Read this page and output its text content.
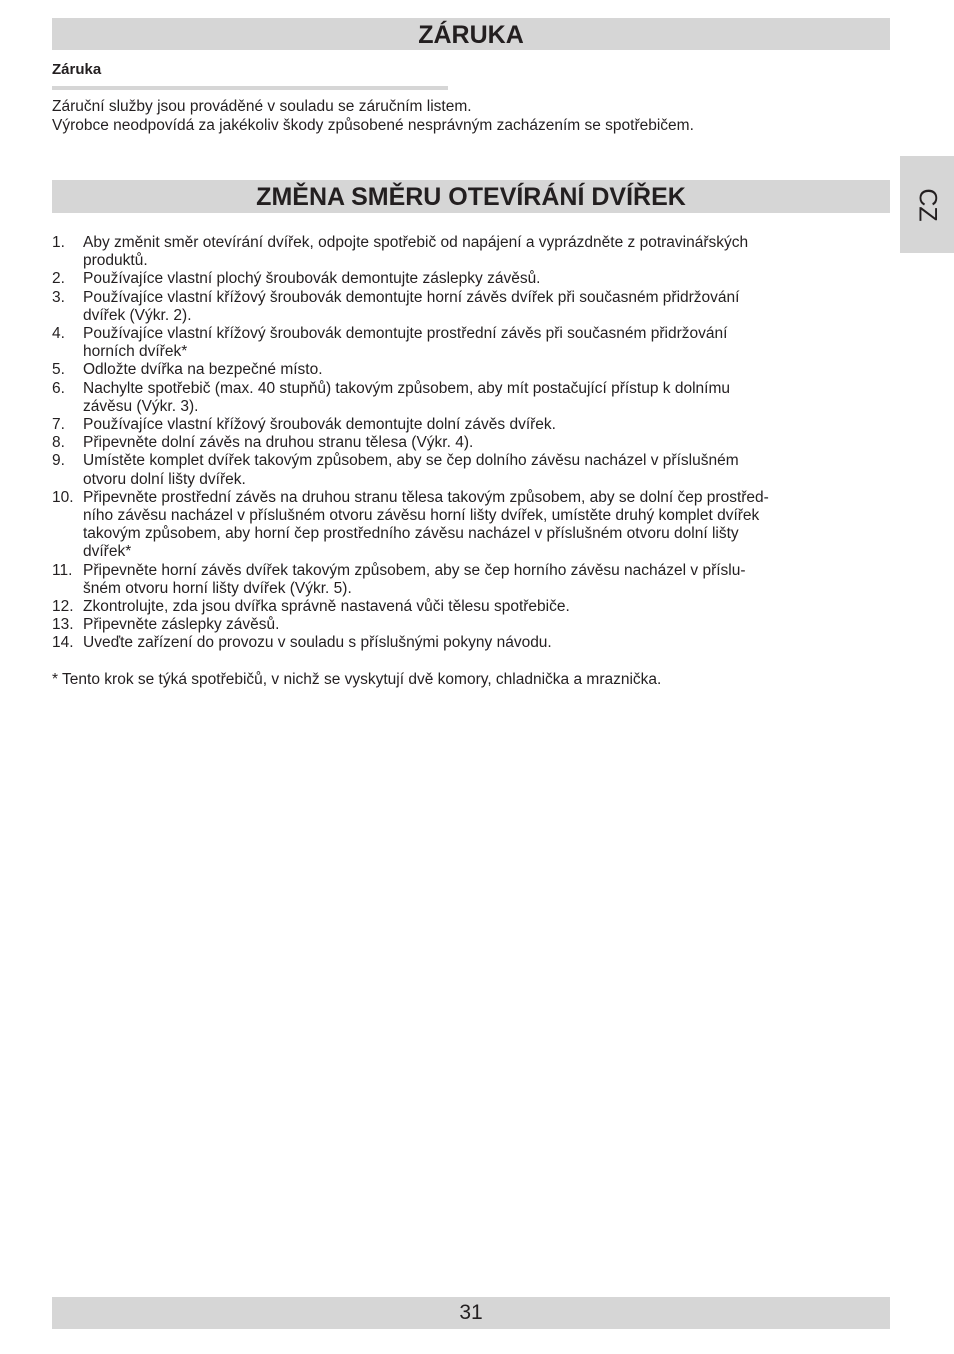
ZÁRUKA
Záruka
Záruční služby jsou prováděné v souladu se záručním listem.
Výrobce neodpovídá za jakékoliv škody způsobené nesprávným zacházením se spotřebičem.
CZ
ZMĚNA SMĚRU OTEVÍRÁNÍ DVÍŘEK
1. Aby změnit směr otevírání dvířek, odpojte spotřebič od napájení a vyprázdněte z potravinářských
produktů.
2. Používajíce vlastní plochý šroubovák demontujte záslepky závěsů.
3. Používajíce vlastní křížový šroubovák demontujte horní závěs dvířek při současném přidržování
dvířek (Výkr. 2).
4. Používajíce vlastní křížový šroubovák demontujte prostřední závěs při současném přidržování
horních dvířek*
5. Odložte dvířka na bezpečné místo.
6. Nachylte spotřebič (max. 40 stupňů) takovým způsobem, aby mít postačující přístup k dolnímu
závěsu (Výkr. 3).
7. Používajíce vlastní křížový šroubovák demontujte dolní závěs dvířek.
8. Připevněte dolní závěs na druhou stranu tělesa (Výkr. 4).
9. Umístěte komplet dvířek takovým způsobem, aby se čep dolního závěsu nacházel v příslušném
otvoru dolní lišty dvířek.
10. Připevněte prostřední závěs na druhou stranu tělesa takovým způsobem, aby se dolní čep prostřed-
ního závěsu nacházel v příslušném otvoru závěsu horní lišty dvířek, umístěte druhý komplet dvířek
takovým způsobem, aby horní čep prostředního závěsu nacházel v příslušném otvoru dolní lišty
dvířek*
11. Připevněte horní závěs dvířek takovým způsobem, aby se čep horního závěsu nacházel v příslu-
šném otvoru horní lišty dvířek (Výkr. 5).
12. Zkontrolujte, zda jsou dvířka správně nastavená vůči tělesu spotřebiče.
13. Připevněte záslepky závěsů.
14. Uveďte zařízení do provozu v souladu s příslušnými pokyny návodu.
* Tento krok se týká spotřebičů, v nichž se vyskytují dvě komory, chladnička a mraznička.
31
